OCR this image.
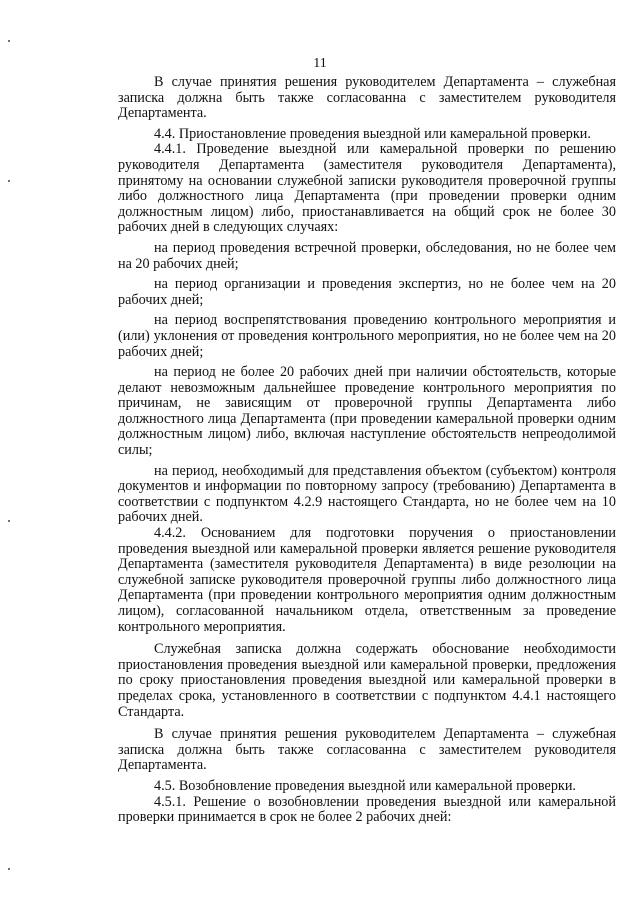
11

В случае принятия решения руководителем Департамента – служебная записка должна быть также согласованна с заместителем руководителя Департамента.

4.4. Приостановление проведения выездной или камеральной проверки.

4.4.1. Проведение выездной или камеральной проверки по решению руководителя Департамента (заместителя руководителя Департамента), принятому на основании служебной записки руководителя проверочной группы либо должностного лица Департамента (при проведении проверки одним должностным лицом) либо, приостанавливается на общий срок не более 30 рабочих дней в следующих случаях:

на период проведения встречной проверки, обследования, но не более чем на 20 рабочих дней;

на период организации и проведения экспертиз, но не более чем на 20 рабочих дней;

на период воспрепятствования проведению контрольного мероприятия и (или) уклонения от проведения контрольного мероприятия, но не более чем на 20 рабочих дней;

на период не более 20 рабочих дней при наличии обстоятельств, которые делают невозможным дальнейшее проведение контрольного мероприятия по причинам, не зависящим от проверочной группы Департамента либо должностного лица Департамента (при проведении камеральной проверки одним должностным лицом) либо, включая наступление обстоятельств непреодолимой силы;

на период, необходимый для представления объектом (субъектом) контроля документов и информации по повторному запросу (требованию) Департамента в соответствии с подпунктом 4.2.9 настоящего Стандарта, но не более чем на 10 рабочих дней.

4.4.2. Основанием для подготовки поручения о приостановлении проведения выездной или камеральной проверки является решение руководителя Департамента (заместителя руководителя Департамента) в виде резолюции на служебной записке руководителя проверочной группы либо должностного лица Департамента (при проведении контрольного мероприятия одним должностным лицом), согласованной начальником отдела, ответственным за проведение контрольного мероприятия.

Служебная записка должна содержать обоснование необходимости приостановления проведения выездной или камеральной проверки, предложения по сроку приостановления проведения выездной или камеральной проверки в пределах срока, установленного в соответствии с подпунктом 4.4.1 настоящего Стандарта.

В случае принятия решения руководителем Департамента – служебная записка должна быть также согласованна с заместителем руководителя Департамента.

4.5. Возобновление проведения выездной или камеральной проверки.

4.5.1. Решение о возобновлении проведения выездной или камеральной проверки принимается в срок не более 2 рабочих дней:
